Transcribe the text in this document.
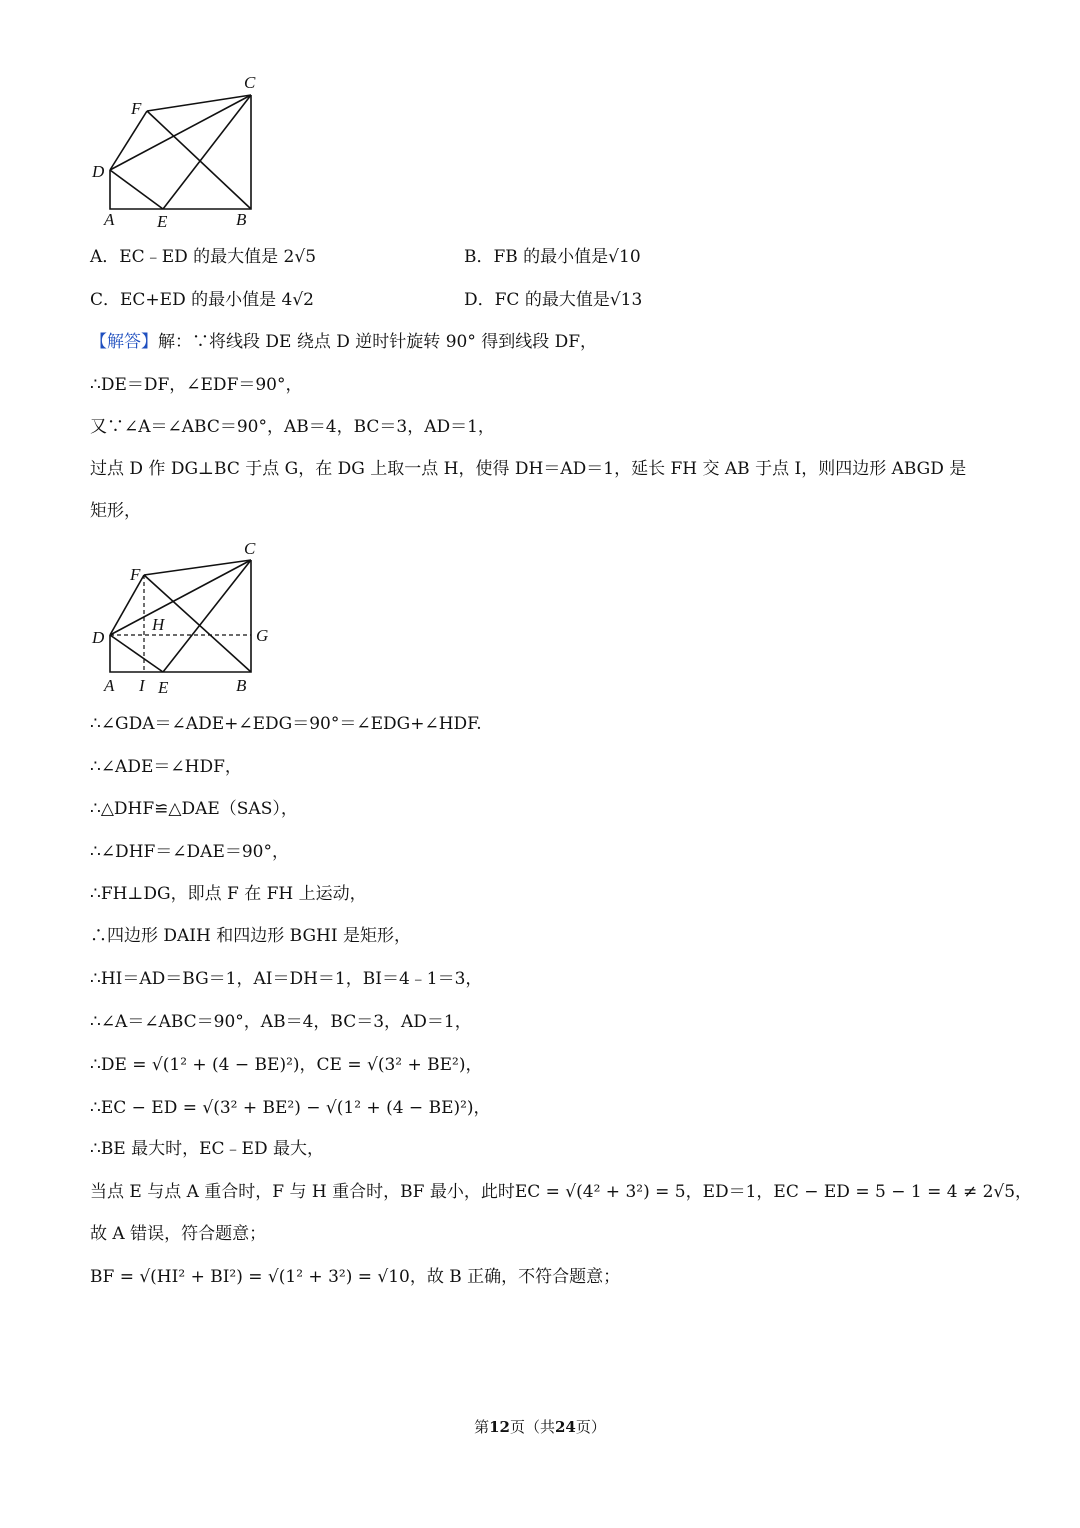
C
F
D
A	E	B
A．EC﹣ED 的最大值是 2√5	B．FB 的最小值是√10
C．EC+ED 的最小值是 4√2	D．FC 的最大值是√13
【解答】解：∵将线段 DE 绕点 D 逆时针旋转 90° 得到线段 DF，
∴DE＝DF，∠EDF＝90°，
又∵∠A＝∠ABC＝90°，AB＝4，BC＝3，AD＝1，
过点 D 作 DG⊥BC 于点 G，在 DG 上取一点 H，使得 DH＝AD＝1，延长 FH 交 AB 于点 I，则四边形 ABGD 是
矩形，
C
F
H
D	G
A I E	B
∴∠GDA＝∠ADE+∠EDG＝90°＝∠EDG+∠HDF.
∴∠ADE＝∠HDF，
∴△DHF≌△DAE（SAS），
∴∠DHF＝∠DAE＝90°，
∴FH⊥DG，即点 F 在 FH 上运动，
∴四边形 DAIH 和四边形 BGHI 是矩形，
∴HI＝AD＝BG＝1，AI＝DH＝1，BI＝4﹣1＝3，
∴∠A＝∠ABC＝90°，AB＝4，BC＝3，AD＝1，
∴DE = √(1² + (4 − BE)²)，CE = √(3² + BE²)，
∴EC − ED = √(3² + BE²) − √(1² + (4 − BE)²)，
∴BE 最大时，EC﹣ED 最大，
当点 E 与点 A 重合时，F 与 H 重合时，BF 最小，此时EC = √(4² + 3²) = 5，ED＝1，EC − ED = 5 − 1 = 4 ≠ 2√5，
故 A 错误，符合题意；
BF = √(HI² + BI²) = √(1² + 3²) = √10，故 B 正确，不符合题意；
第12页（共24页）
